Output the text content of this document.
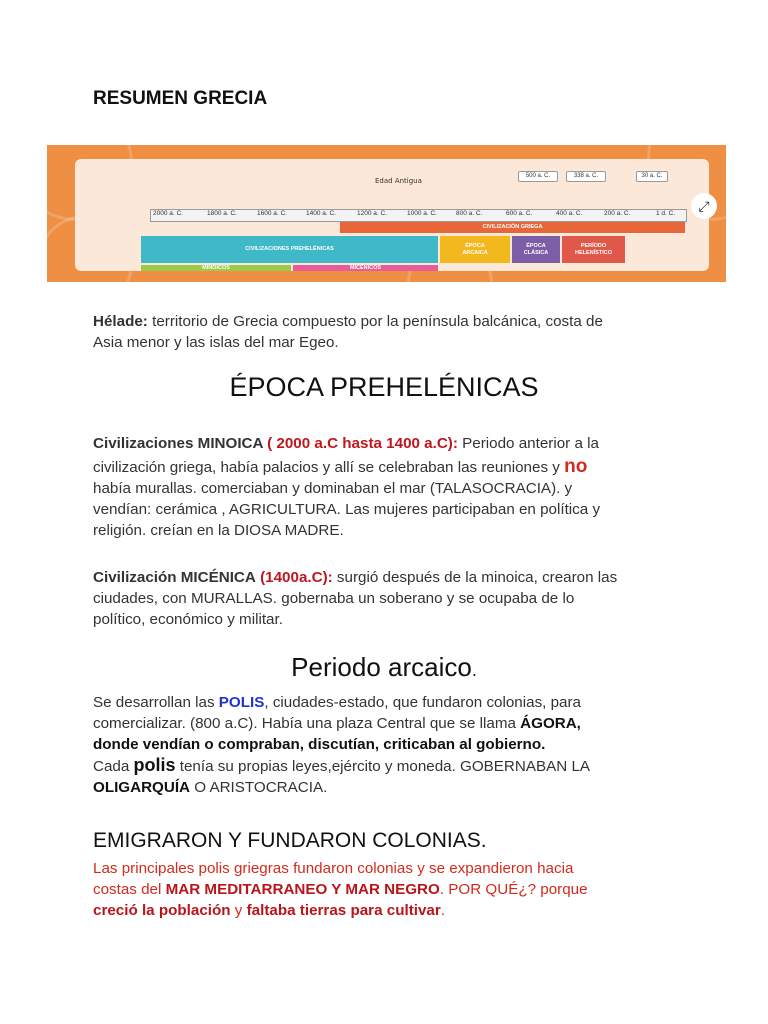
RESUMEN GRECIA
Edad Antigua
500 a. C.	338 a. C.	30 a. C.
2000 a. C.	1800 a. C.	1600 a. C.	1400 a. C.	1200 a. C.	1000 a. C.	800 a. C.	600 a. C.	400 a. C.	200 a. C.	1 d. C.
CIVILIZACIÓN GRIEGA
CIVILIZACIONES PREHELÉNICAS
ÉPOCA ARCAICA
ÉPOCA CLÁSICA
PERÍODO HELENÍSTICO
MINOICOS	MICÉNICOS
⤢
Hélade: territorio de Grecia compuesto por la península balcánica, costa de
Asia menor y las islas del mar Egeo.
ÉPOCA PREHELÉNICAS
Civilizaciones MINOICA ( 2000 a.C hasta 1400 a.C): Periodo anterior a la
civilización griega, había palacios y allí se celebraban las reuniones y no
había murallas. comerciaban y dominaban el mar (TALASOCRACIA). y
vendían: cerámica , AGRICULTURA. Las mujeres participaban en política y
religión. creían en la DIOSA MADRE.
Civilización MICÉNICA (1400a.C): surgió después de la minoica, crearon las
ciudades, con MURALLAS. gobernaba un soberano y se ocupaba de lo
político, económico y militar.
Periodo arcaico.
Se desarrollan las POLIS, ciudades-estado, que fundaron colonias, para
comercializar. (800 a.C). Había una plaza Central que se llama ÁGORA,
donde vendían o compraban, discutían, criticaban al gobierno.
Cada polis tenía su propias leyes,ejército y moneda. GOBERNABAN LA
OLIGARQUÍA O ARISTOCRACIA.
EMIGRARON Y FUNDARON COLONIAS.
Las principales polis griegras fundaron colonias y se expandieron hacia
costas del MAR MEDITARRANEO Y MAR NEGRO. POR QUÉ¿? porque
creció la población y faltaba tierras para cultivar.
